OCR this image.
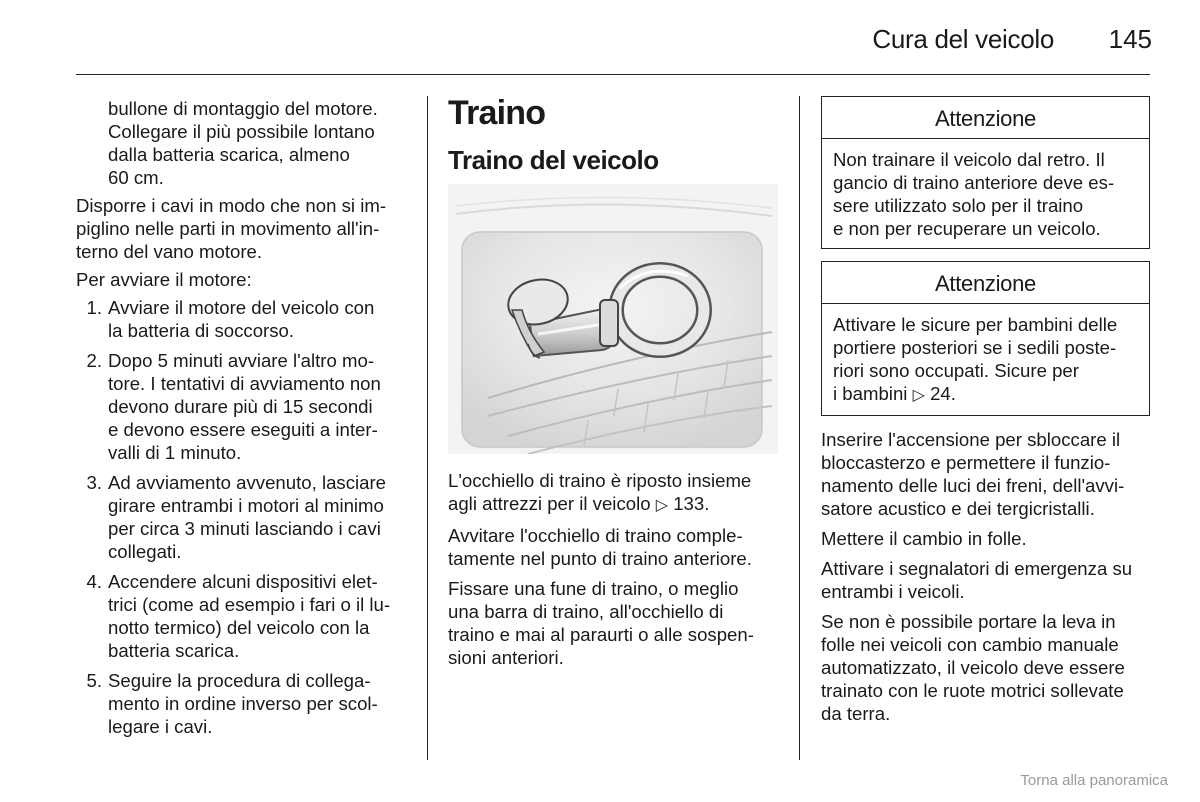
Cura del veicolo 145
bullone di montaggio del motore.
Collegare il più possibile lontano
dalla batteria scarica, almeno
60 cm.

Disporre i cavi in modo che non si im-
piglino nelle parti in movimento all'in-
terno del vano motore.

Per avviare il motore:

1. Avviare il motore del veicolo con
la batteria di soccorso.
2. Dopo 5 minuti avviare l'altro mo-
tore. I tentativi di avviamento non
devono durare più di 15 secondi
e devono essere eseguiti a inter-
valli di 1 minuto.
3. Ad avviamento avvenuto, lasciare
girare entrambi i motori al minimo
per circa 3 minuti lasciando i cavi
collegati.
4. Accendere alcuni dispositivi elet-
trici (come ad esempio i fari o il lu-
notto termico) del veicolo con la
batteria scarica.
5. Seguire la procedura di collega-
mento in ordine inverso per scol-
legare i cavi.
Traino
Traino del veicolo

L'occhiello di traino è riposto insieme
agli attrezzi per il veicolo ▷ 133.

Avvitare l'occhiello di traino comple-
tamente nel punto di traino anteriore.

Fissare una fune di traino, o meglio
una barra di traino, all'occhiello di
traino e mai al paraurti o alle sospen-
sioni anteriori.

Attenzione
Non trainare il veicolo dal retro. Il
gancio di traino anteriore deve es-
sere utilizzato solo per il traino
e non per recuperare un veicolo.
Attenzione
Attivare le sicure per bambini delle
portiere posteriori se i sedili poste-
riori sono occupati. Sicure per
i bambini ▷ 24.

Inserire l'accensione per sbloccare il
bloccasterzo e permettere il funzio-
namento delle luci dei freni, dell'avvi-
satore acustico e dei tergicristalli.

Mettere il cambio in folle.

Attivare i segnalatori di emergenza su
entrambi i veicoli.

Se non è possibile portare la leva in
folle nei veicoli con cambio manuale
automatizzato, il veicolo deve essere
trainato con le ruote motrici sollevate
da terra.

Torna alla panoramica
